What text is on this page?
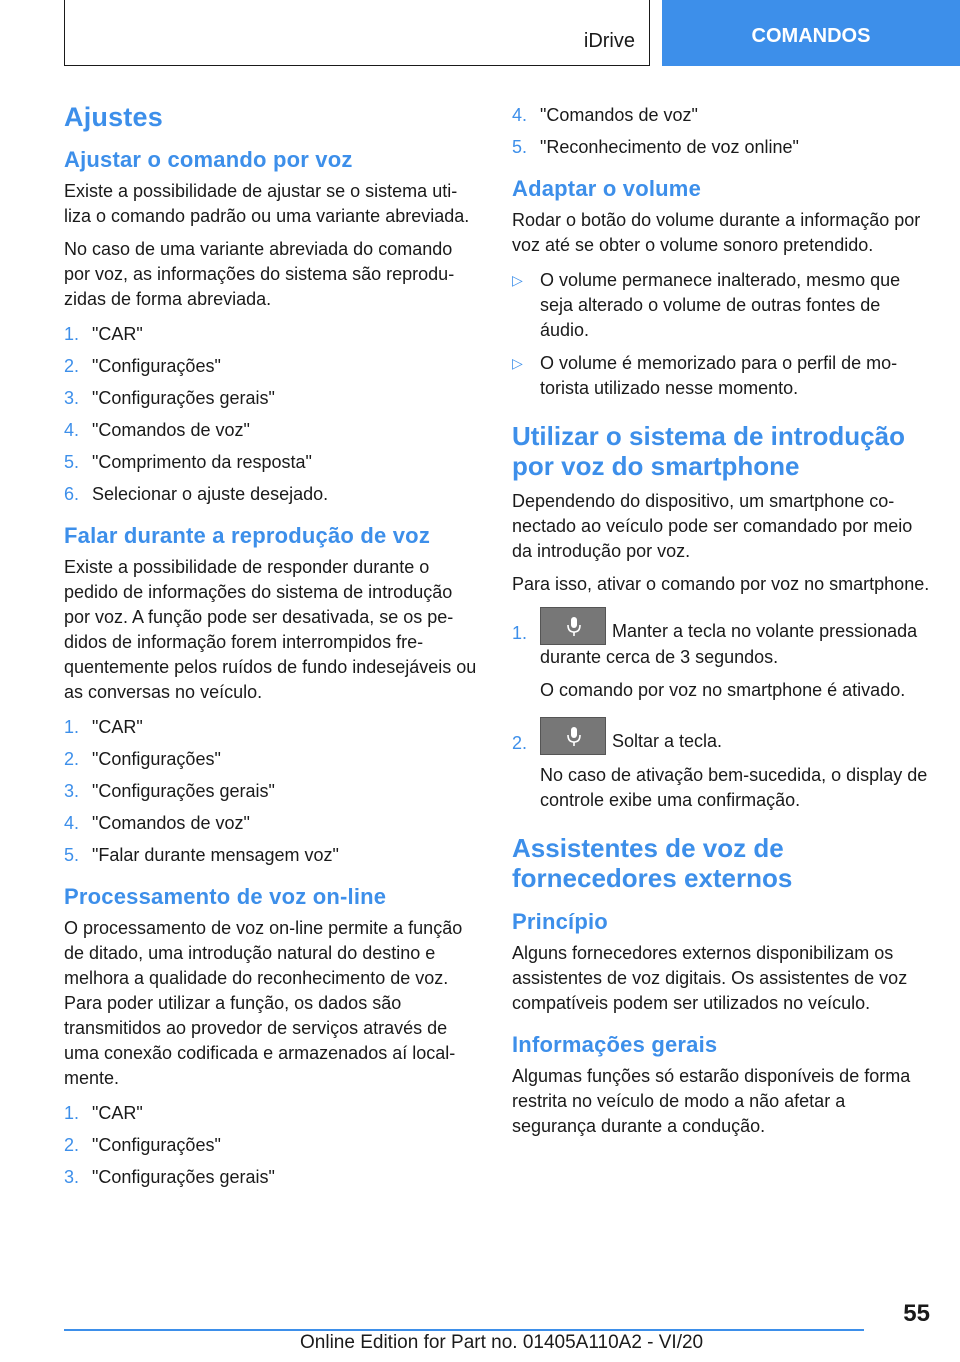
iDrive	COMANDOS
Ajustes
Ajustar o comando por voz

Existe a possibilidade de ajustar se o sistema utiliza o comando padrão ou uma variante abreviada.

No caso de uma variante abreviada do comando por voz, as informações do sistema são reproduzidas de forma abreviada.

1. "CAR"
2. "Configurações"
3. "Configurações gerais"
4. "Comandos de voz"
5. "Comprimento da resposta"
6. Selecionar o ajuste desejado.
Falar durante a reprodução de voz

Existe a possibilidade de responder durante o pedido de informações do sistema de introdução por voz. A função pode ser desativada, se os pedidos de informação forem interrompidos frequentemente pelos ruídos de fundo indesejáveis ou as conversas no veículo.

1. "CAR"
2. "Configurações"
3. "Configurações gerais"
4. "Comandos de voz"
5. "Falar durante mensagem voz"
Processamento de voz on-line

O processamento de voz on-line permite a função de ditado, uma introdução natural do destino e melhora a qualidade do reconhecimento de voz. Para poder utilizar a função, os dados são transmitidos ao provedor de serviços através de uma conexão codificada e armazenados aí localmente.

1. "CAR"
2. "Configurações"
3. "Configurações gerais"
4. "Comandos de voz"
5. "Reconhecimento de voz online"
Adaptar o volume

Rodar o botão do volume durante a informação por voz até se obter o volume sonoro pretendido.

▷ O volume permanece inalterado, mesmo que seja alterado o volume de outras fontes de áudio.
▷ O volume é memorizado para o perfil de motorista utilizado nesse momento.
Utilizar o sistema de introdução por voz do smartphone

Dependendo do dispositivo, um smartphone conectado ao veículo pode ser comandado por meio da introdução por voz.

Para isso, ativar o comando por voz no smartphone.

1.	Manter a tecla no volante pressionada durante cerca de 3 segundos.
O comando por voz no smartphone é ativado.
2.	Soltar a tecla.
No caso de ativação bem-sucedida, o display de controle exibe uma confirmação.
Assistentes de voz de fornecedores externos
Princípio

Alguns fornecedores externos disponibilizam os assistentes de voz digitais. Os assistentes de voz compatíveis podem ser utilizados no veículo.

Informações gerais

Algumas funções só estarão disponíveis de forma restrita no veículo de modo a não afetar a segurança durante a condução.

55
Online Edition for Part no. 01405A110A2 - VI/20
